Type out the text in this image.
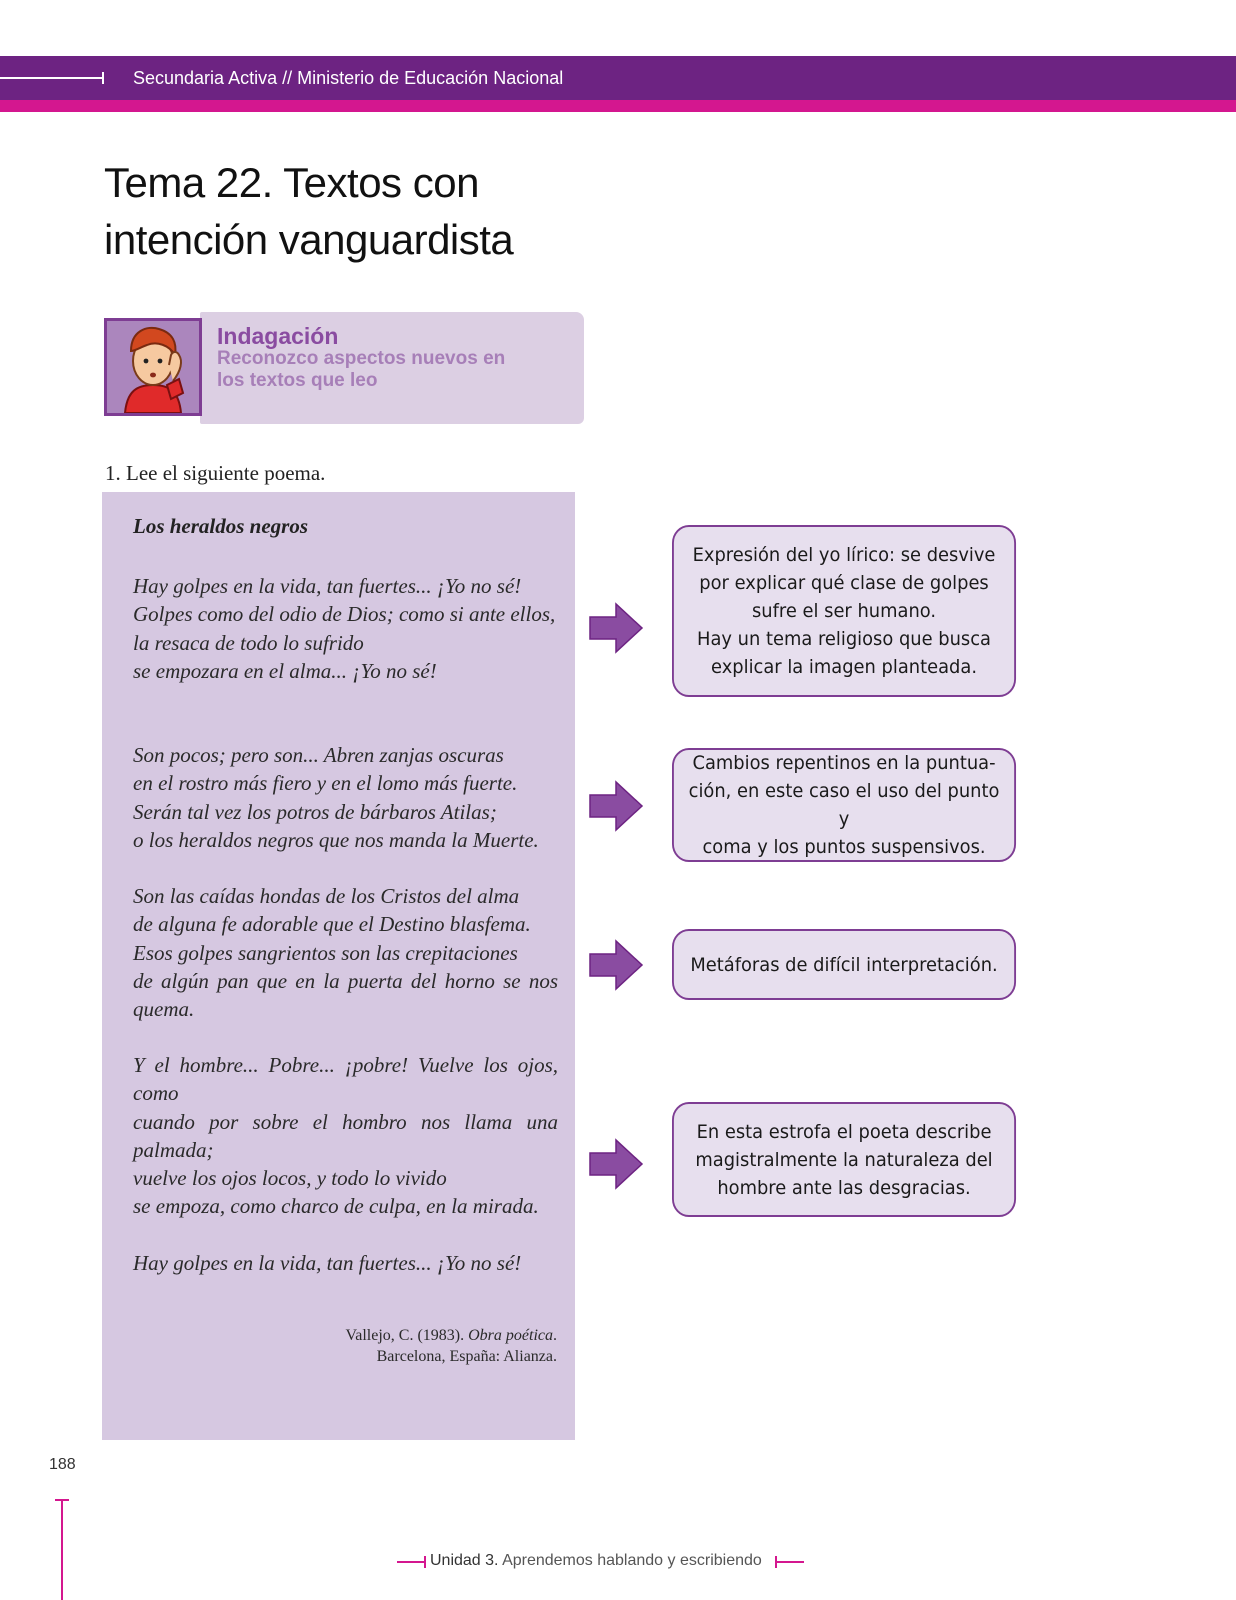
Secundaria Activa // Ministerio de Educación Nacional
Tema 22. Textos con
intención vanguardista
Indagación
Reconozco aspectos nuevos en
los textos que leo
1. Lee el siguiente poema.
Los heraldos negros

Hay golpes en la vida, tan fuertes... ¡Yo no sé!

Golpes como del odio de Dios; como si ante ellos,

la resaca de todo lo sufrido

se empozara en el alma... ¡Yo no sé!

Son pocos; pero son... Abren zanjas oscuras

en el rostro más fiero y en el lomo más fuerte.

Serán tal vez los potros de bárbaros Atilas;

o los heraldos negros que nos manda la Muerte.

Son las caídas hondas de los Cristos del alma

de alguna fe adorable que el Destino blasfema.

Esos golpes sangrientos son las crepitaciones

de algún pan que en la puerta del horno se nos quema.

Y el hombre... Pobre... ¡pobre! Vuelve los ojos, como

cuando por sobre el hombro nos llama una palmada;

vuelve los ojos locos, y todo lo vivido

se empoza, como charco de culpa, en la mirada.

Hay golpes en la vida, tan fuertes... ¡Yo no sé!

Vallejo, C. (1983). Obra poética.
Barcelona, España: Alianza.
Expresión del yo lírico: se desvive
por explicar qué clase de golpes
sufre el ser humano.
Hay un tema religioso que busca
explicar la imagen planteada.
Cambios repentinos en la puntua-
ción, en este caso el uso del punto y
coma y los puntos suspensivos.
Metáforas de difícil interpretación.
En esta estrofa el poeta describe
magistralmente la naturaleza del
hombre ante las desgracias.
188
Unidad 3. Aprendemos hablando y escribiendo
